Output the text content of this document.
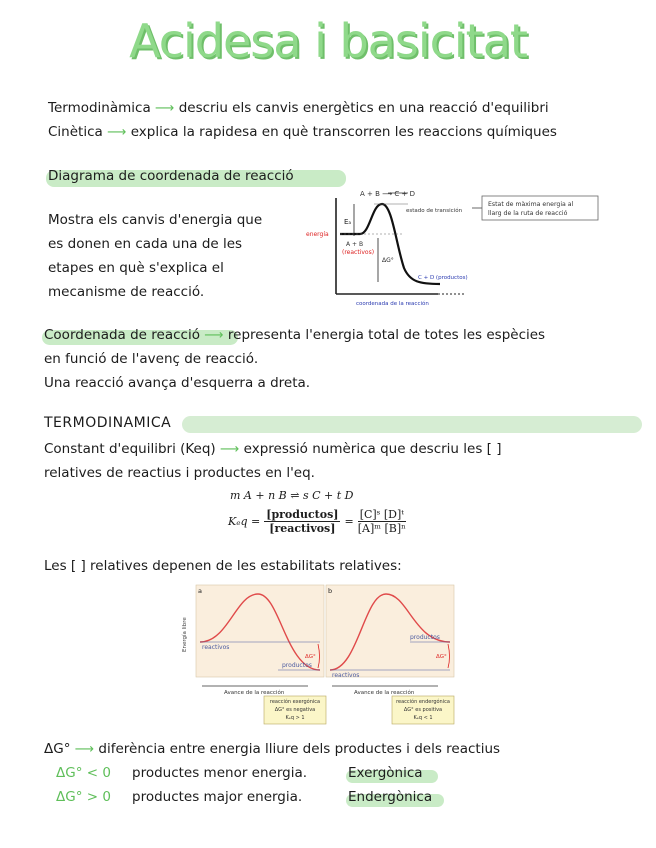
Acidesa i basicitat
Termodinàmica ⟶ descriu els canvis energètics en una reacció d'equilibri
Cinètica ⟶ explica la rapidesa en què transcorren les reaccions químiques
Diagrama de coordenada de reacció
Mostra els canvis d'energia que
es donen en cada una de les
etapes en què s'explica el
mecanisme de reacció.
A + B ⟶ C + D
energía
Eₐ
estado de transición
A + B
(reactivos)
ΔG°
C + D (productos)
coordenada de la reacción
Estat de màxima energia al
llarg de la ruta de reacció
Coordenada de reacció ⟶ representa l'energia total de totes les espècies
en funció de l'avenç de reacció.
Una reacció avança d'esquerra a dreta.
TERMODINAMICA
Constant d'equilibri (Keq) ⟶ expressió numèrica que descriu les [ ]
relatives de reactius i productes en l'eq.
m A + n B ⇌ s C + t D
Kₑq =
[productos]
[reactivos]
= $\frac{\text{[C]ˢ [D]ᵗ}}{\text{[A]ᵐ [B]ⁿ}}$
Les [ ] relatives depenen de les estabilitats relatives:
a
Energía libre reactivos
productos
ΔG°
Avance de la reacción
b
reactivos
productos
ΔG°
Avance de la reacción
reacción exergónica
ΔG° es negativa
Kₑq > 1
reacción endergónica
ΔG° es positiva
Kₑq < 1
ΔG° ⟶ diferència entre energia lliure dels productes i dels reactius
ΔG° < 0 productes menor energia.	Exergònica
ΔG° > 0 productes major energia.	Endergònica
